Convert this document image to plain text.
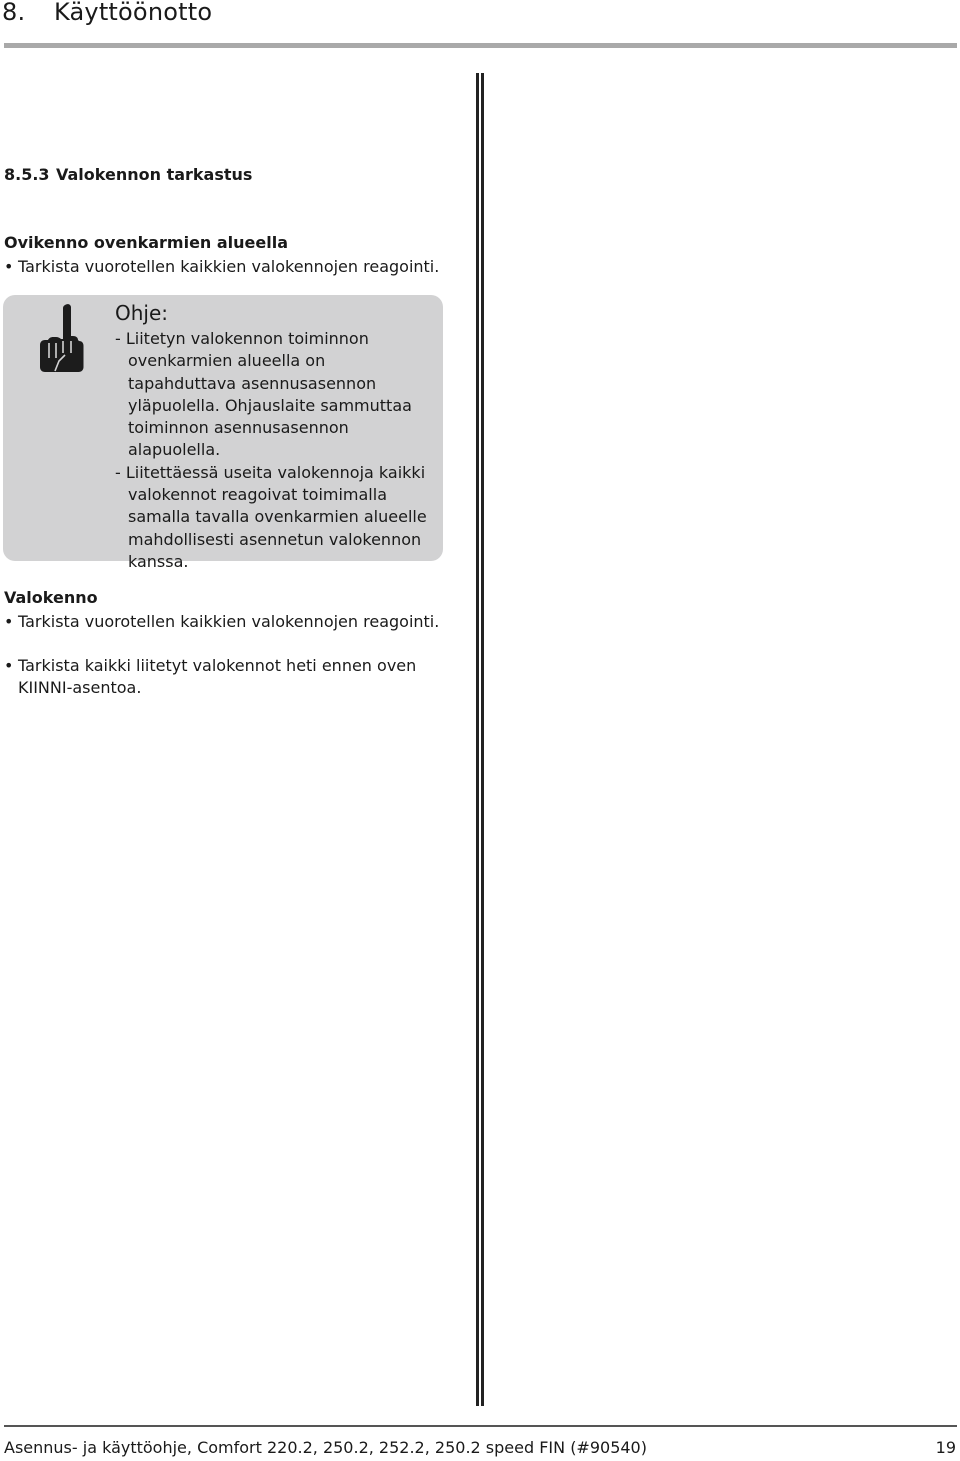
8. Käyttöönotto
8.5.3 Valokennon tarkastus
Ovikenno ovenkarmien alueella

• Tarkista vuorotellen kaikkien valokennojen reagointi.

Ohje:

- Liitetyn valokennon toiminnon ovenkarmien alueella on tapahduttava asennusasennon yläpuolella. Ohjauslaite sammuttaa toiminnon asennusasennon alapuolella.

- Liitettäessä useita valokennoja kaikki valokennot reagoivat toimimalla samalla tavalla ovenkarmien alueelle mahdollisesti asennetun valokennon kanssa.

Valokenno

• Tarkista vuorotellen kaikkien valokennojen reagointi.

• Tarkista kaikki liitetyt valokennot heti ennen oven KIINNI-asentoa.

Asennus- ja käyttöohje, Comfort 220.2, 250.2, 252.2, 250.2 speed FIN (#90540)	19
